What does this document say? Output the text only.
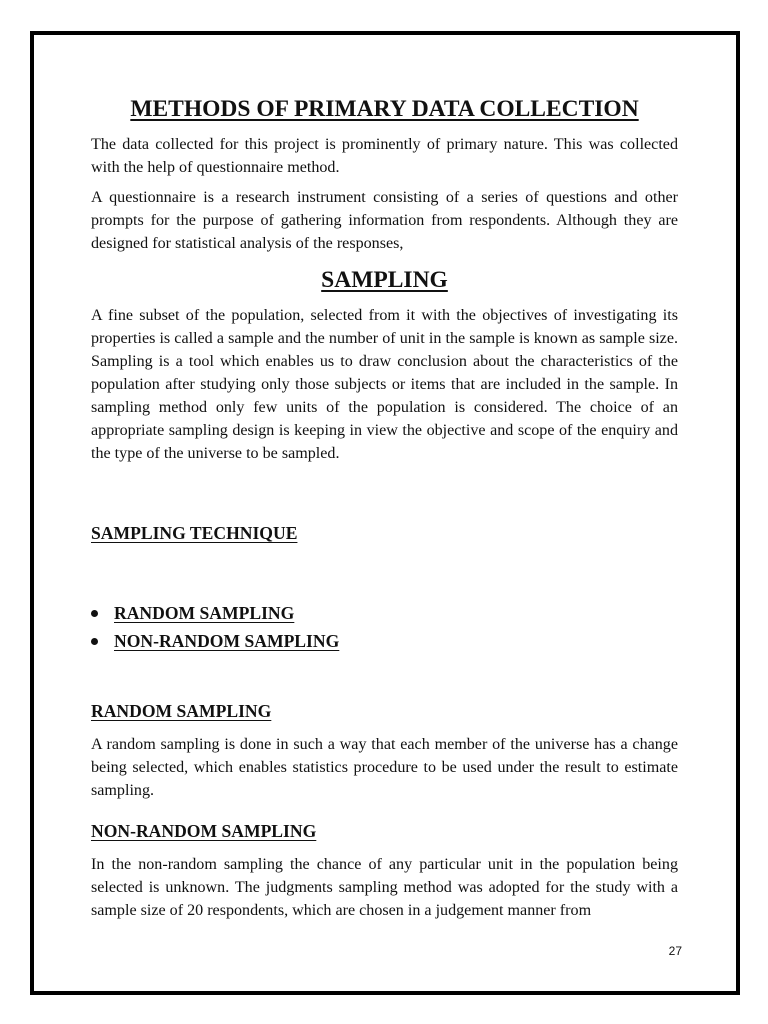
METHODS OF PRIMARY DATA COLLECTION

The data collected for this project is prominently of primary nature. This was collected with the help of questionnaire method.

A questionnaire is a research instrument consisting of a series of questions and other prompts for the purpose of gathering information from respondents. Although they are designed for statistical analysis of the responses,

SAMPLING

A fine subset of the population, selected from it with the objectives of investigating its properties is called a sample and the number of unit in the sample is known as sample size. Sampling is a tool which enables us to draw conclusion about the characteristics of the population after studying only those subjects or items that are included in the sample. In sampling method only few units of the population is considered. The choice of an appropriate sampling design is keeping in view the objective and scope of the enquiry and the type of the universe to be sampled.

SAMPLING TECHNIQUE
RANDOM SAMPLING
NON-RANDOM SAMPLING
RANDOM SAMPLING

A random sampling is done in such a way that each member of the universe has a change being selected, which enables statistics procedure to be used under the result to estimate sampling.

NON-RANDOM SAMPLING

In the non-random sampling the chance of any particular unit in the population being selected is unknown. The judgments sampling method was adopted for the study with a sample size of 20 respondents, which are chosen in a judgement manner from

27
